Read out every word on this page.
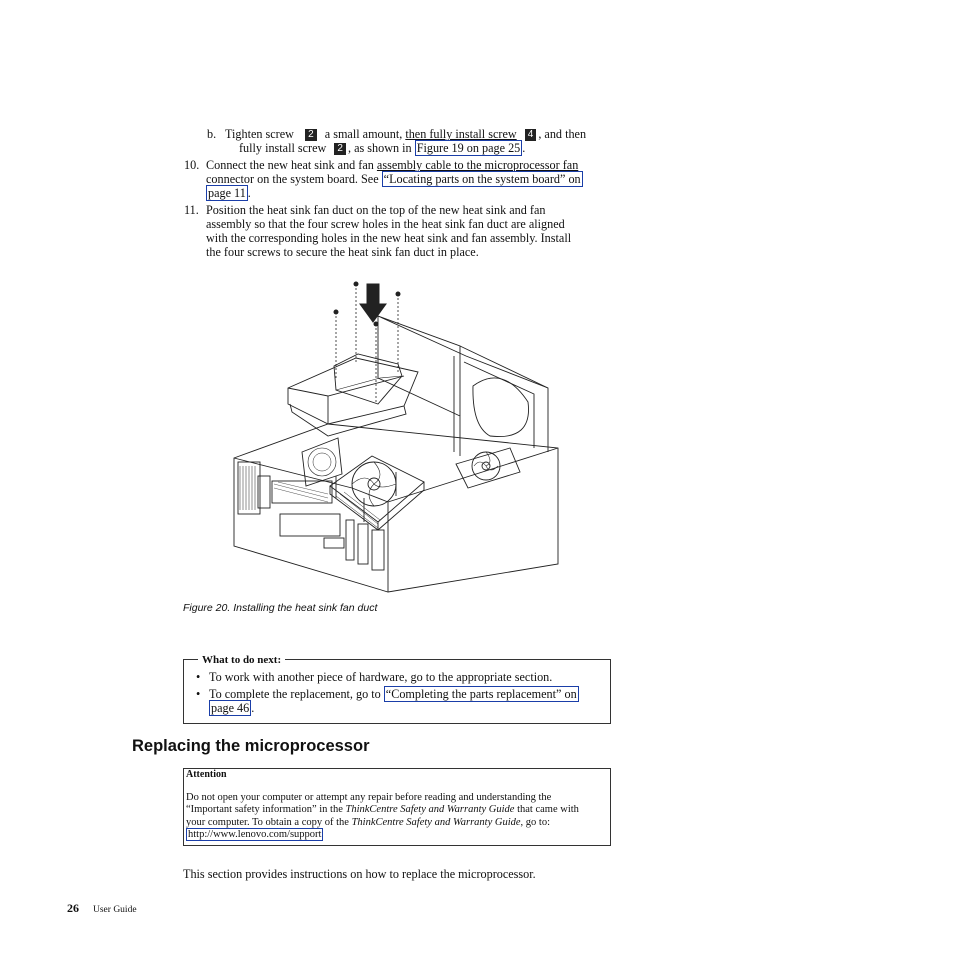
b. Tighten screw 2 a small amount, then fully install screw 4 , and then
fully install screw 2 , as shown in Figure 19 on page 25 .
10. Connect the new heat sink and fan assembly cable to the microprocessor fan
connector on the system board. See “Locating parts on the system board” on
page 11 .
11. Position the heat sink fan duct on the top of the new heat sink and fan
assembly so that the four screw holes in the heat sink fan duct are aligned
with the corresponding holes in the new heat sink and fan assembly. Install
the four screws to secure the heat sink fan duct in place.
Figure 20. Installing the heat sink fan duct
What to do next:
• To work with another piece of hardware, go to the appropriate section.
• To complete the replacement, go to “Completing the parts replacement” on
page 46 .
Replacing the microprocessor
Attention
Do not open your computer or attempt any repair before reading and understanding the
“Important safety information” in the ThinkCentre Safety and Warranty Guide that came with
your computer. To obtain a copy of the ThinkCentre Safety and Warranty Guide, go to:
http://www.lenovo.com/support
This section provides instructions on how to replace the microprocessor.
26 User Guide
